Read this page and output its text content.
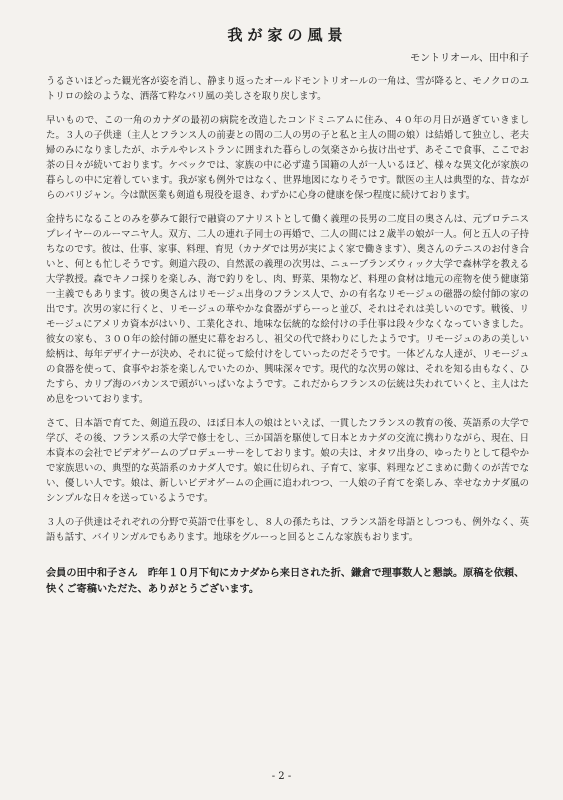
我が家の風景
モントリオール、田中和子

うるさいほどった観光客が姿を消し、静まり返ったオールドモントリオールの一角は、雪が降ると、モノクロのユトリロの絵のような、洒落て粋なパリ風の美しさを取り戻します。

早いもので、この一角のカナダの最初の病院を改造したコンドミニアムに住み、４０年の月日が過ぎていきました。３人の子供達（主人とフランス人の前妻との間の二人の男の子と私と主人の間の娘）は結婚して独立し、老夫婦のみになりましたが、ホテルやレストランに囲まれた暮らしの気楽さから抜け出せず、あそこで食事、ここでお茶の日々が続いております。ケベックでは、家族の中に必ず違う国籍の人が一人いるほど、様々な異文化が家族の暮らしの中に定着しています。我が家も例外ではなく、世界地図になりそうです。獣医の主人は典型的な、昔ながらのパリジャン。今は獣医業も剣道も現役を退き、わずかに心身の健康を保つ程度に続けております。

金持ちになることのみを夢みて銀行で融資のアナリストとして働く義理の長男の二度目の奥さんは、元プロテニスプレイヤーのルーマニヤ人。双方、二人の連れ子同士の再婚で、二人の間には２歳半の娘が一人。何と五人の子持ちなのです。彼は、仕事、家事、料理、育児（カナダでは男が実によく家で働きます）、奥さんのテニスのお付き合いと、何とも忙しそうです。剣道六段の、自然派の義理の次男は、ニューブランズウィック大学で森林学を教える大学教授。森でキノコ採りを楽しみ、海で釣りをし、肉、野菜、果物など、料理の食材は地元の産物を使う健康第一主義でもあります。彼の奥さんはリモージュ出身のフランス人で、かの有名なリモージュの磁器の絵付師の家の出です。次男の家に行くと、リモージュの華やかな食器がずらーっと並び、それはそれは美しいのです。戦後、リモージュにアメリカ資本がはいり、工業化され、地味な伝統的な絵付けの手仕事は段々少なくなっていきました。彼女の家も、３００年の絵付師の歴史に幕をおろし、祖父の代で終わりにしたようです。リモージュのあの美しい絵柄は、毎年デザイナーが決め、それに従って絵付けをしていったのだそうです。一体どんな人達が、リモージュの食器を使って、食事やお茶を楽しんでいたのか、興味深々です。現代的な次男の嫁は、それを知る由もなく、ひたすら、カリブ海のバカンスで頭がいっぱいなようです。これだからフランスの伝統は失われていくと、主人はため息をついております。

さて、日本語で育てた、剣道五段の、ほぼ日本人の娘はといえば、一貫したフランスの教育の後、英語系の大学で学び、その後、フランス系の大学で修士をし、三か国語を駆使して日本とカナダの交流に携わりながら、現在、日本資本の会社でビデオゲームのプロデューサーをしております。娘の夫は、オタワ出身の、ゆったりとして穏やかで家族思いの、典型的な英語系のカナダ人です。娘に仕切られ、子育て、家事、料理などこまめに動くのが苦でない、優しい人です。娘は、新しいビデオゲームの企画に追われつつ、一人娘の子育てを楽しみ、幸せなカナダ風のシンプルな日々を送っているようです。

３人の子供達はそれぞれの分野で英語で仕事をし、８人の孫たちは、フランス語を母語としつつも、例外なく、英語も話す、バイリンガルでもあります。地球をグルーっと回るとこんな家族もおります。

会員の田中和子さん　昨年１０月下旬にカナダから来日された折、鎌倉で理事数人と懇談。原稿を依頼、快くご寄稿いただた、ありがとうございます。

- 2 -
